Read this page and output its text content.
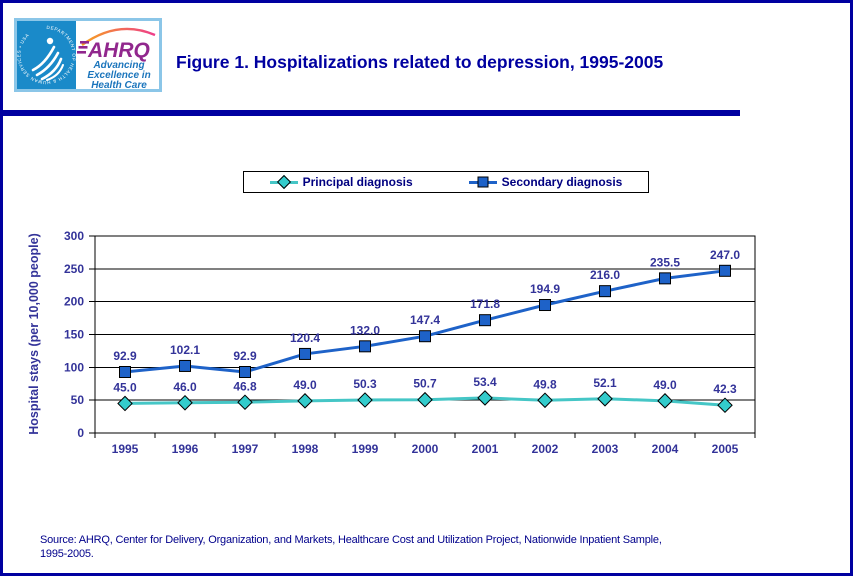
DEPARTMENT OF HEALTH & HUMAN SERVICES • USA
AHRQ
Advancing
Excellence in
Health Care
Figure 1. Hospitalizations related to depression, 1995-2005
Principal diagnosis	Secondary diagnosis
Hospital stays (per 10,000 people)	0
50
100
150
200
250
300
1995	1996	1997	1998	1999	2000	2001	2002	2003	2004	2005
45.0	46.0	46.8	49.0	50.3	50.7	53.4	49.8	52.1	49.0	42.3
92.9	102.1	92.9
120.4
132.0
147.4
171.8
194.9
216.0
235.5
247.0
Source: AHRQ, Center for Delivery, Organization, and Markets, Healthcare Cost and Utilization Project, Nationwide Inpatient Sample,
1995-2005.
